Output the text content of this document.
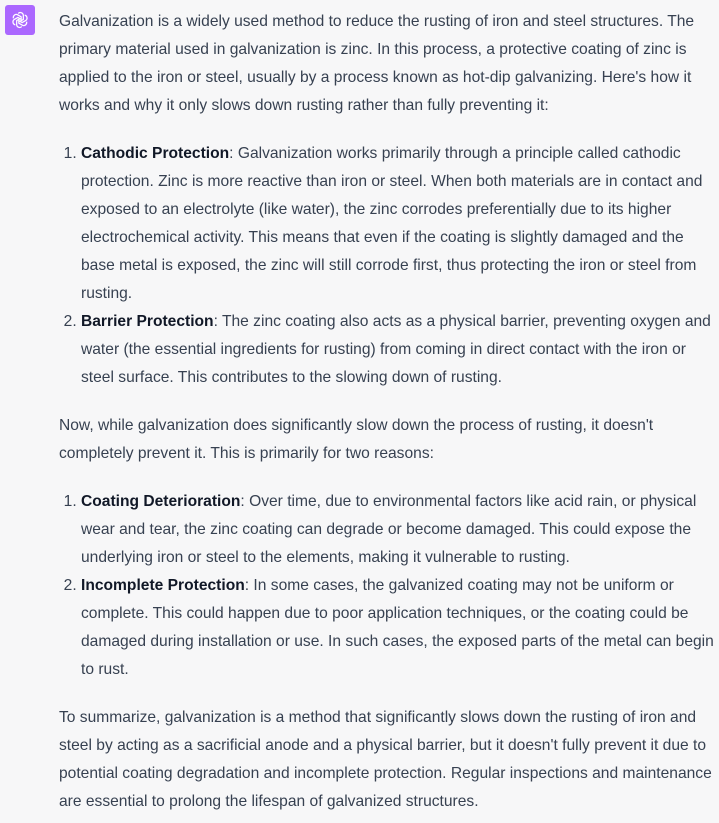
Galvanization is a widely used method to reduce the rusting of iron and steel structures. The primary material used in galvanization is zinc. In this process, a protective coating of zinc is applied to the iron or steel, usually by a process known as hot-dip galvanizing. Here's how it works and why it only slows down rusting rather than fully preventing it:

1. Cathodic Protection: Galvanization works primarily through a principle called cathodic protection. Zinc is more reactive than iron or steel. When both materials are in contact and exposed to an electrolyte (like water), the zinc corrodes preferentially due to its higher electrochemical activity. This means that even if the coating is slightly damaged and the base metal is exposed, the zinc will still corrode first, thus protecting the iron or steel from rusting.
2. Barrier Protection: The zinc coating also acts as a physical barrier, preventing oxygen and water (the essential ingredients for rusting) from coming in direct contact with the iron or steel surface. This contributes to the slowing down of rusting.

Now, while galvanization does significantly slow down the process of rusting, it doesn't completely prevent it. This is primarily for two reasons:

1. Coating Deterioration: Over time, due to environmental factors like acid rain, or physical wear and tear, the zinc coating can degrade or become damaged. This could expose the underlying iron or steel to the elements, making it vulnerable to rusting.
2. Incomplete Protection: In some cases, the galvanized coating may not be uniform or complete. This could happen due to poor application techniques, or the coating could be damaged during installation or use. In such cases, the exposed parts of the metal can begin to rust.

To summarize, galvanization is a method that significantly slows down the rusting of iron and steel by acting as a sacrificial anode and a physical barrier, but it doesn't fully prevent it due to potential coating degradation and incomplete protection. Regular inspections and maintenance are essential to prolong the lifespan of galvanized structures.
